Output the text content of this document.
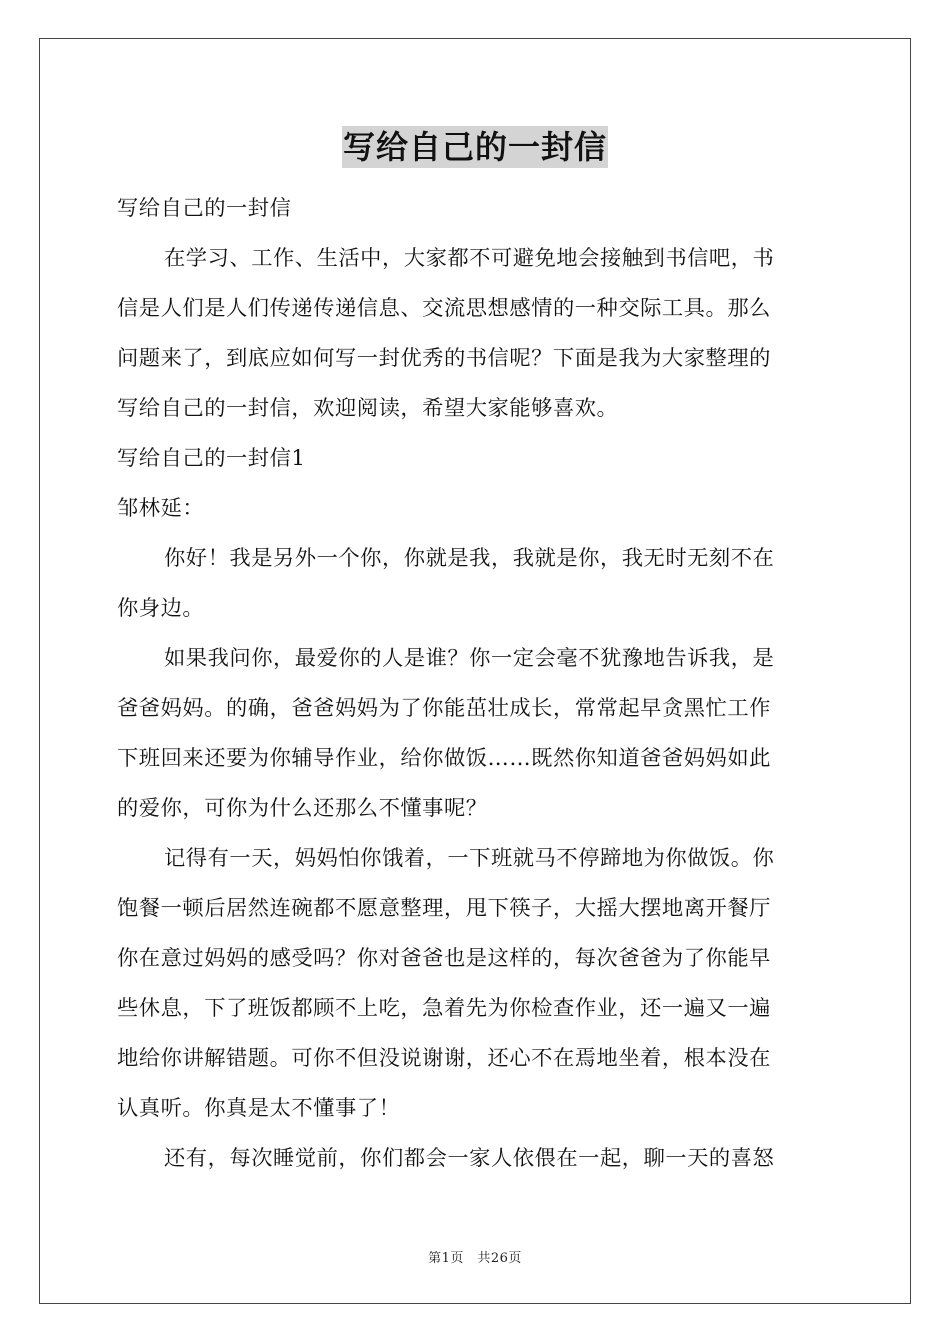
写给自己的一封信
写给自己的一封信
在学习、工作、生活中，大家都不可避免地会接触到书信吧，书
信是人们是人们传递传递信息、交流思想感情的一种交际工具。那么
问题来了，到底应如何写一封优秀的书信呢？下面是我为大家整理的
写给自己的一封信，欢迎阅读，希望大家能够喜欢。
写给自己的一封信1
邹林延：
你好！我是另外一个你，你就是我，我就是你，我无时无刻不在
你身边。
如果我问你，最爱你的人是谁？你一定会毫不犹豫地告诉我，是
爸爸妈妈。的确，爸爸妈妈为了你能茁壮成长，常常起早贪黑忙工作
下班回来还要为你辅导作业，给你做饭……既然你知道爸爸妈妈如此
的爱你，可你为什么还那么不懂事呢？
记得有一天，妈妈怕你饿着，一下班就马不停蹄地为你做饭。你
饱餐一顿后居然连碗都不愿意整理，甩下筷子，大摇大摆地离开餐厅
你在意过妈妈的感受吗？你对爸爸也是这样的，每次爸爸为了你能早
些休息，下了班饭都顾不上吃，急着先为你检查作业，还一遍又一遍
地给你讲解错题。可你不但没说谢谢，还心不在焉地坐着，根本没在
认真听。你真是太不懂事了！
还有，每次睡觉前，你们都会一家人依偎在一起，聊一天的喜怒
第1页　共26页
